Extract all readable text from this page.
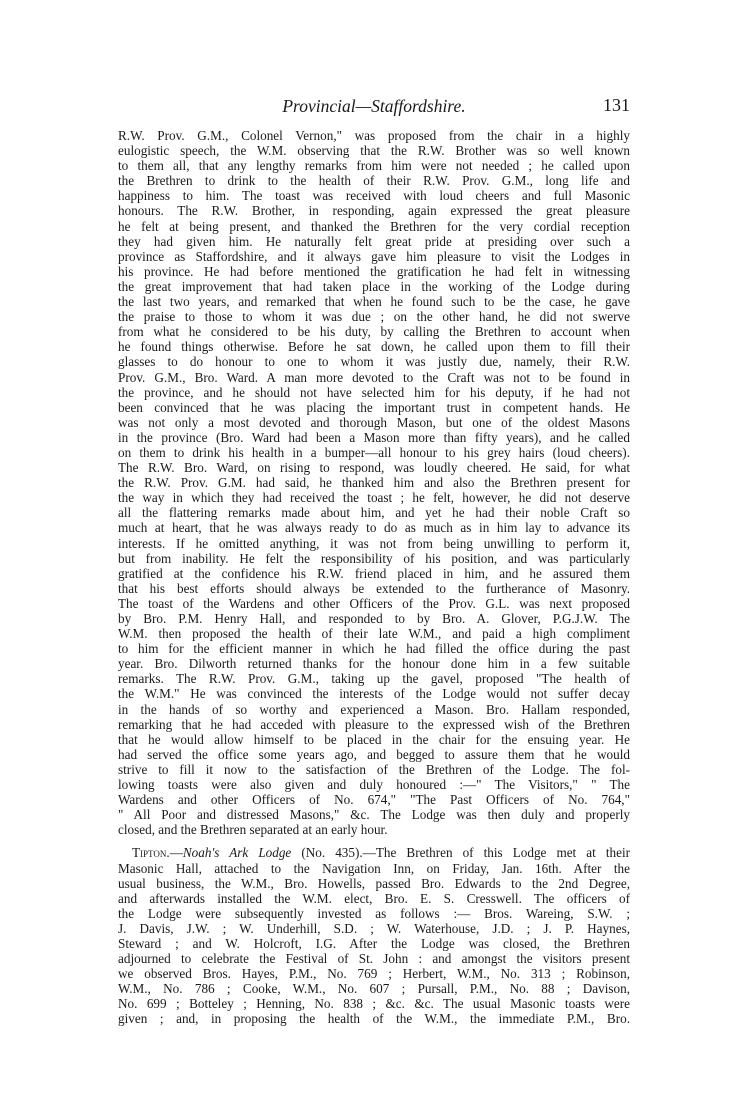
Provincial—Staffordshire.	131

R.W. Prov. G.M., Colonel Vernon," was proposed from the chair in a highly
eulogistic speech, the W.M. observing that the R.W. Brother was so well known
to them all, that any lengthy remarks from him were not needed ; he called upon
the Brethren to drink to the health of their R.W. Prov. G.M., long life and
happiness to him. The toast was received with loud cheers and full Masonic
honours. The R.W. Brother, in responding, again expressed the great pleasure
he felt at being present, and thanked the Brethren for the very cordial reception
they had given him. He naturally felt great pride at presiding over such a
province as Staffordshire, and it always gave him pleasure to visit the Lodges in
his province. He had before mentioned the gratification he had felt in witnessing
the great improvement that had taken place in the working of the Lodge during
the last two years, and remarked that when he found such to be the case, he gave
the praise to those to whom it was due ; on the other hand, he did not swerve
from what he considered to be his duty, by calling the Brethren to account when
he found things otherwise. Before he sat down, he called upon them to fill their
glasses to do honour to one to whom it was justly due, namely, their R.W.
Prov. G.M., Bro. Ward. A man more devoted to the Craft was not to be found in
the province, and he should not have selected him for his deputy, if he had not
been convinced that he was placing the important trust in competent hands. He
was not only a most devoted and thorough Mason, but one of the oldest Masons
in the province (Bro. Ward had been a Mason more than fifty years), and he called
on them to drink his health in a bumper—all honour to his grey hairs (loud cheers).
The R.W. Bro. Ward, on rising to respond, was loudly cheered. He said, for what
the R.W. Prov. G.M. had said, he thanked him and also the Brethren present for
the way in which they had received the toast ; he felt, however, he did not deserve
all the flattering remarks made about him, and yet he had their noble Craft so
much at heart, that he was always ready to do as much as in him lay to advance its
interests. If he omitted anything, it was not from being unwilling to perform it,
but from inability. He felt the responsibility of his position, and was particularly
gratified at the confidence his R.W. friend placed in him, and he assured them
that his best efforts should always be extended to the furtherance of Masonry.
The toast of the Wardens and other Officers of the Prov. G.L. was next proposed
by Bro. P.M. Henry Hall, and responded to by Bro. A. Glover, P.G.J.W. The
W.M. then proposed the health of their late W.M., and paid a high compliment
to him for the efficient manner in which he had filled the office during the past
year. Bro. Dilworth returned thanks for the honour done him in a few suitable
remarks. The R.W. Prov. G.M., taking up the gavel, proposed "The health of
the W.M." He was convinced the interests of the Lodge would not suffer decay
in the hands of so worthy and experienced a Mason. Bro. Hallam responded,
remarking that he had acceded with pleasure to the expressed wish of the Brethren
that he would allow himself to be placed in the chair for the ensuing year. He
had served the office some years ago, and begged to assure them that he would
strive to fill it now to the satisfaction of the Brethren of the Lodge. The fol-
lowing toasts were also given and duly honoured :—" The Visitors," " The
Wardens and other Officers of No. 674," "The Past Officers of No. 764,"
" All Poor and distressed Masons," &c. The Lodge was then duly and properly
closed, and the Brethren separated at an early hour.

Tipton.—Noah's Ark Lodge (No. 435).—The Brethren of this Lodge met at their
Masonic Hall, attached to the Navigation Inn, on Friday, Jan. 16th. After the
usual business, the W.M., Bro. Howells, passed Bro. Edwards to the 2nd Degree,
and afterwards installed the W.M. elect, Bro. E. S. Cresswell. The officers of
the Lodge were subsequently invested as follows :— Bros. Wareing, S.W. ;
J. Davis, J.W. ; W. Underhill, S.D. ; W. Waterhouse, J.D. ; J. P. Haynes,
Steward ; and W. Holcroft, I.G. After the Lodge was closed, the Brethren
adjourned to celebrate the Festival of St. John : and amongst the visitors present
we observed Bros. Hayes, P.M., No. 769 ; Herbert, W.M., No. 313 ; Robinson,
W.M., No. 786 ; Cooke, W.M., No. 607 ; Pursall, P.M., No. 88 ; Davison,
No. 699 ; Botteley ; Henning, No. 838 ; &c. &c. The usual Masonic toasts were
given ; and, in proposing the health of the W.M., the immediate P.M., Bro.
